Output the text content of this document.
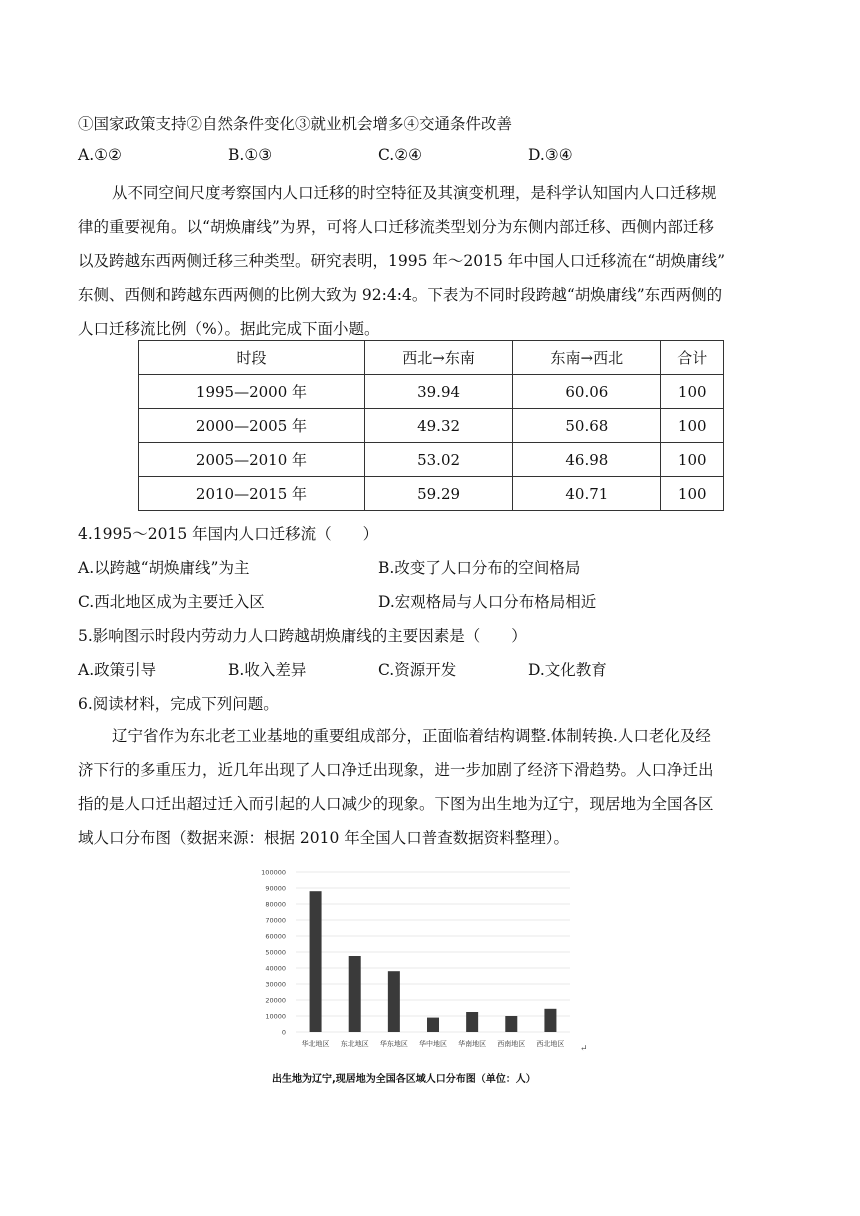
①国家政策支持②自然条件变化③就业机会增多④交通条件改善
A.①②	B.①③	C.②④	D.③④
从不同空间尺度考察国内人口迁移的时空特征及其演变机理，是科学认知国内人口迁移规
律的重要视角。以“胡焕庸线”为界，可将人口迁移流类型划分为东侧内部迁移、西侧内部迁移
以及跨越东西两侧迁移三种类型。研究表明，1995 年～2015 年中国人口迁移流在“胡焕庸线”
东侧、西侧和跨越东西两侧的比例大致为 92:4:4。下表为不同时段跨越“胡焕庸线”东西两侧的
人口迁移流比例（%）。据此完成下面小题。
时段	西北→东南	东南→西北	合计
1995—2000 年	39.94	60.06	100
2000—2005 年	49.32	50.68	100
2005—2010 年	53.02	46.98	100
2010—2015 年	59.29	40.71	100
4.1995～2015 年国内人口迁移流（　　）
A.以跨越“胡焕庸线”为主	B.改变了人口分布的空间格局
C.西北地区成为主要迁入区	D.宏观格局与人口分布格局相近
5.影响图示时段内劳动力人口跨越胡焕庸线的主要因素是（　　）
A.政策引导	B.收入差异	C.资源开发	D.文化教育
6.阅读材料，完成下列问题。
辽宁省作为东北老工业基地的重要组成部分，正面临着结构调整.体制转换.人口老化及经
济下行的多重压力，近几年出现了人口净迁出现象，进一步加剧了经济下滑趋势。人口净迁出
指的是人口迁出超过迁入而引起的人口减少的现象。下图为出生地为辽宁，现居地为全国各区
域人口分布图（数据来源：根据 2010 年全国人口普查数据资料整理）。
0
10000
20000
30000
40000
50000
60000
70000
80000
90000
100000
华北地区 东北地区 华东地区 华中地区 华南地区 西南地区 西北地区 ↵
出生地为辽宁,现居地为全国各区域人口分布图（单位：人）
